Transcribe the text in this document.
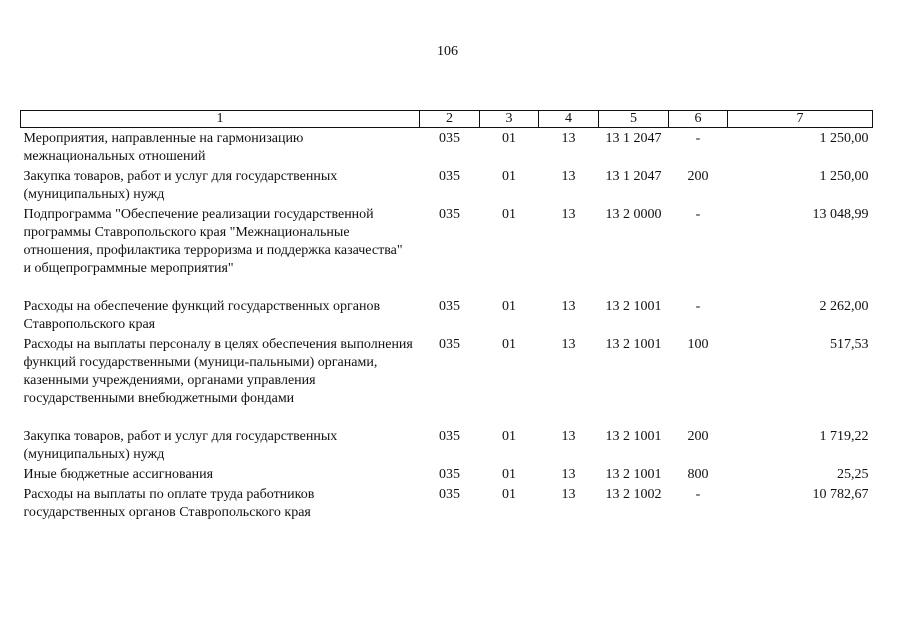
106
1	2	3	4	5	6	7
Мероприятия, направленные на гармонизацию межнациональных отношений	035	01	13	13 1 2047	-	1 250,00
Закупка товаров, работ и услуг для государственных (муниципальных) нужд	035	01	13	13 1 2047	200	1 250,00
Подпрограмма "Обеспечение реализации государственной программы Ставропольского края "Межнациональные отношения, профилактика терроризма и поддержка казачества" и общепрограммные мероприятия"	035	01	13	13 2 0000	-	13 048,99
Расходы на обеспечение функций государственных органов Ставропольского края	035	01	13	13 2 1001	-	2 262,00
Расходы на выплаты персоналу в целях обеспечения выполнения функций государственными (муници-пальными) органами, казенными учреждениями, органами управления государственными внебюджетными фондами	035	01	13	13 2 1001	100	517,53
Закупка товаров, работ и услуг для государственных (муниципальных) нужд	035	01	13	13 2 1001	200	1 719,22
Иные бюджетные ассигнования	035	01	13	13 2 1001	800	25,25
Расходы на выплаты по оплате труда работников государственных органов Ставропольского края	035	01	13	13 2 1002	-	10 782,67
